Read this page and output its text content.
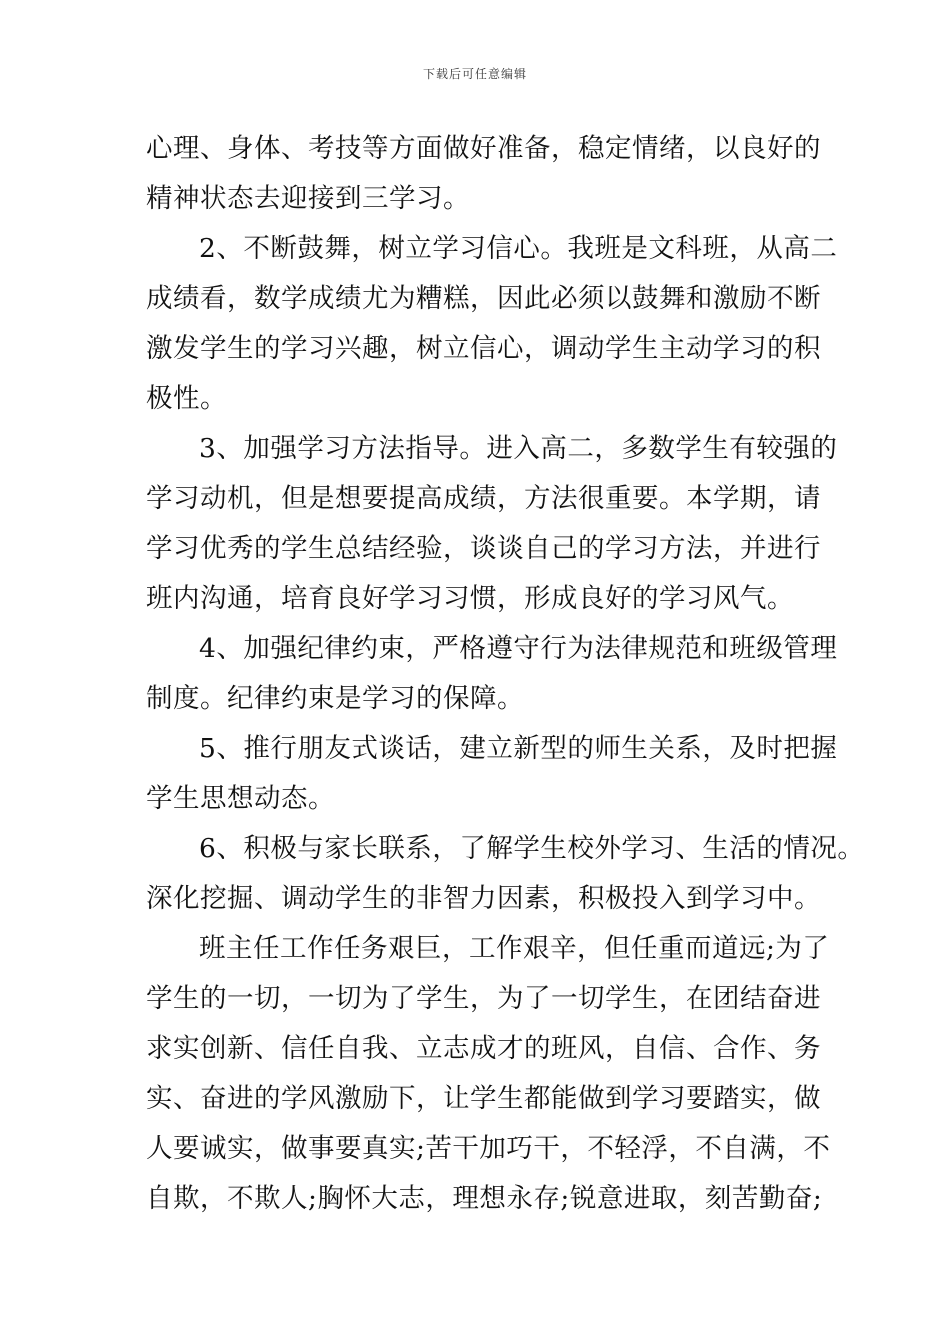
下载后可任意编辑
心理、身体、考技等方面做好准备，稳定情绪，以良好的
精神状态去迎接到三学习。
2、不断鼓舞，树立学习信心。我班是文科班，从高二
成绩看，数学成绩尤为糟糕，因此必须以鼓舞和激励不断
激发学生的学习兴趣，树立信心，调动学生主动学习的积
极性。
3、加强学习方法指导。进入高二，多数学生有较强的
学习动机，但是想要提高成绩，方法很重要。本学期，请
学习优秀的学生总结经验，谈谈自己的学习方法，并进行
班内沟通，培育良好学习习惯，形成良好的学习风气。
4、加强纪律约束，严格遵守行为法律规范和班级管理
制度。纪律约束是学习的保障。
5、推行朋友式谈话，建立新型的师生关系，及时把握
学生思想动态。
6、积极与家长联系，了解学生校外学习、生活的情况。
深化挖掘、调动学生的非智力因素，积极投入到学习中。
班主任工作任务艰巨，工作艰辛，但任重而道远;为了
学生的一切，一切为了学生，为了一切学生，在团结奋进
求实创新、信任自我、立志成才的班风，自信、合作、务
实、奋进的学风激励下，让学生都能做到学习要踏实，做
人要诚实，做事要真实;苦干加巧干，不轻浮，不自满，不
自欺，不欺人;胸怀大志，理想永存;锐意进取，刻苦勤奋;
